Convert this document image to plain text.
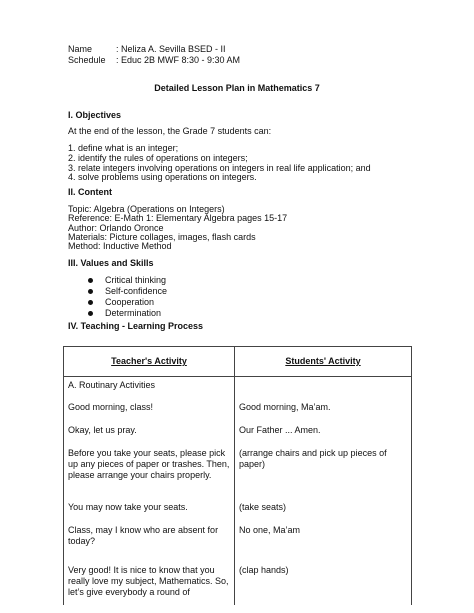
Name	: Neliza A. Sevilla BSED - II
Schedule	: Educ 2B MWF 8:30 - 9:30 AM
Detailed Lesson Plan in Mathematics 7
I. Objectives
At the end of the lesson, the Grade 7 students can:
1. define what is an integer;
2. identify the rules of operations on integers;
3. relate integers involving operations on integers in real life application; and
4. solve problems using operations on integers.
II. Content
Topic: Algebra (Operations on Integers)
Reference: E-Math 1: Elementary Algebra pages 15-17
Author: Orlando Oronce
Materials: Picture collages, images, flash cards
Method: Inductive Method
III. Values and Skills
Critical thinking
Self-confidence
Cooperation
Determination
IV. Teaching - Learning Process
Teacher's Activity	Students' Activity
A. Routinary Activities	
Good morning, class!	Good morning, Ma’am.
Okay, let us pray.	Our Father ... Amen.
Before you take your seats, please pick up any pieces of paper or trashes. Then, please arrange your chairs properly.	(arrange chairs and pick up pieces of paper)
You may now take your seats.	(take seats)
Class, may I know who are absent for today?	No one, Ma’am
Very good! It is nice to know that you really love my subject, Mathematics. So, let’s give everybody a round of	(clap hands)
